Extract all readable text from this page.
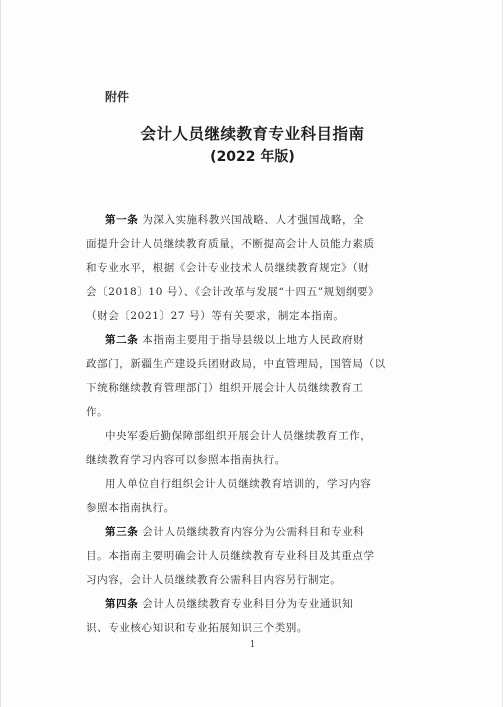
附件
会计人员继续教育专业科目指南
(2022 年版)
第一条 为深入实施科教兴国战略、人才强国战略，全
面提升会计人员继续教育质量，不断提高会计人员能力素质
和专业水平，根据《会计专业技术人员继续教育规定》（财
会〔2018〕10 号）、《会计改革与发展“十四五”规划纲要》
（财会〔2021〕27 号）等有关要求，制定本指南。
第二条 本指南主要用于指导县级以上地方人民政府财
政部门，新疆生产建设兵团财政局，中直管理局，国管局（以
下统称继续教育管理部门）组织开展会计人员继续教育工
作。
中央军委后勤保障部组织开展会计人员继续教育工作，
继续教育学习内容可以参照本指南执行。
用人单位自行组织会计人员继续教育培训的，学习内容
参照本指南执行。
第三条 会计人员继续教育内容分为公需科目和专业科
目。本指南主要明确会计人员继续教育专业科目及其重点学
习内容，会计人员继续教育公需科目内容另行制定。
第四条 会计人员继续教育专业科目分为专业通识知
识、专业核心知识和专业拓展知识三个类别。
1
